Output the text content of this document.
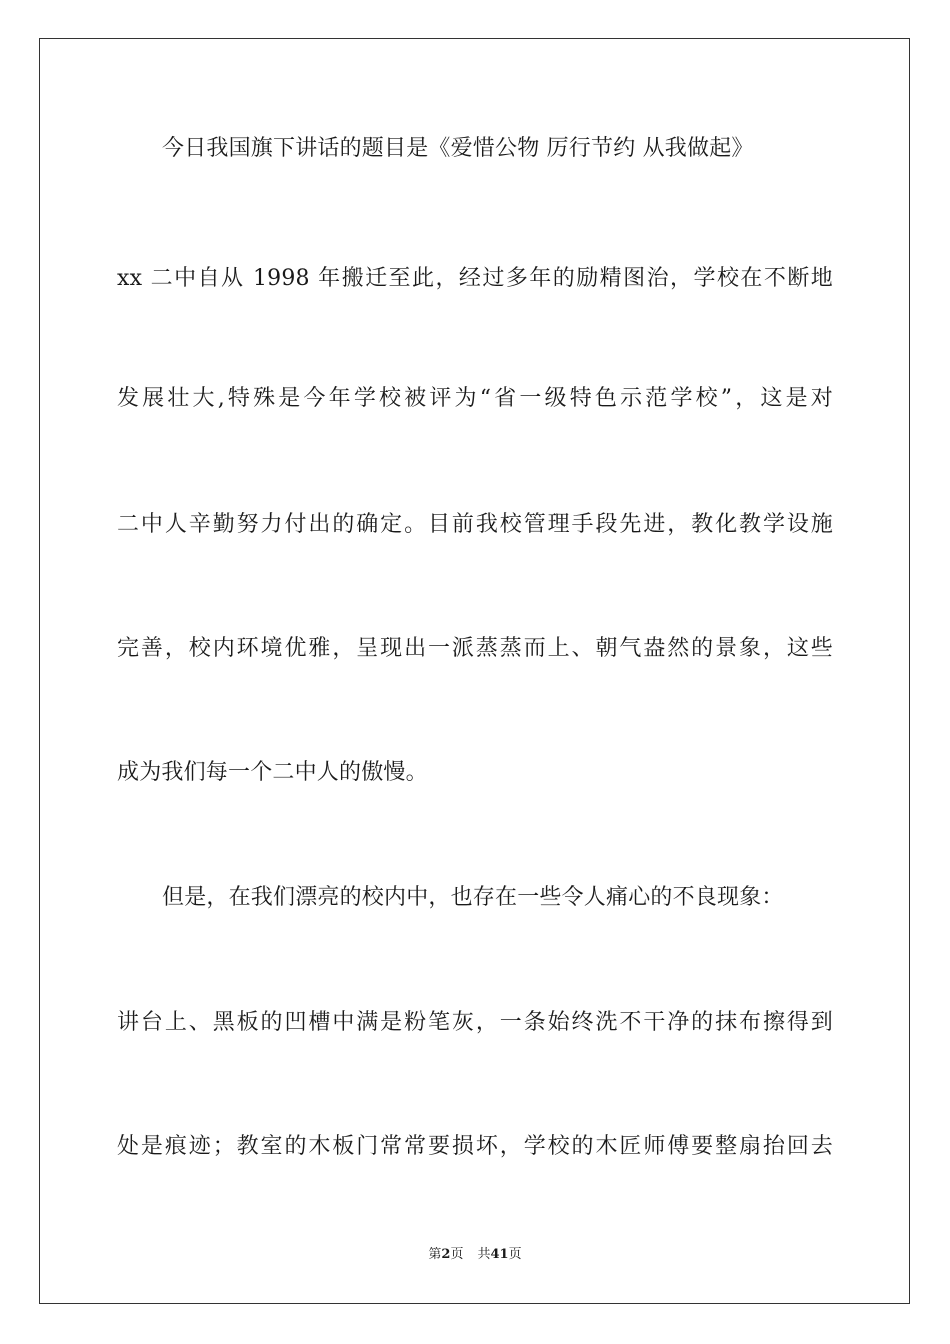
今日我国旗下讲话的题目是《爱惜公物 厉行节约 从我做起》
xx 二中自从 1998 年搬迁至此，经过多年的励精图治，学校在不断地
发展壮大,特殊是今年学校被评为“省一级特色示范学校”，这是对
二中人辛勤努力付出的确定。目前我校管理手段先进，教化教学设施
完善，校内环境优雅，呈现出一派蒸蒸而上、朝气盎然的景象，这些
成为我们每一个二中人的傲慢。
但是，在我们漂亮的校内中，也存在一些令人痛心的不良现象：
讲台上、黑板的凹槽中满是粉笔灰，一条始终洗不干净的抹布擦得到
处是痕迹；教室的木板门常常要损坏，学校的木匠师傅要整扇抬回去
第2页 共41页
